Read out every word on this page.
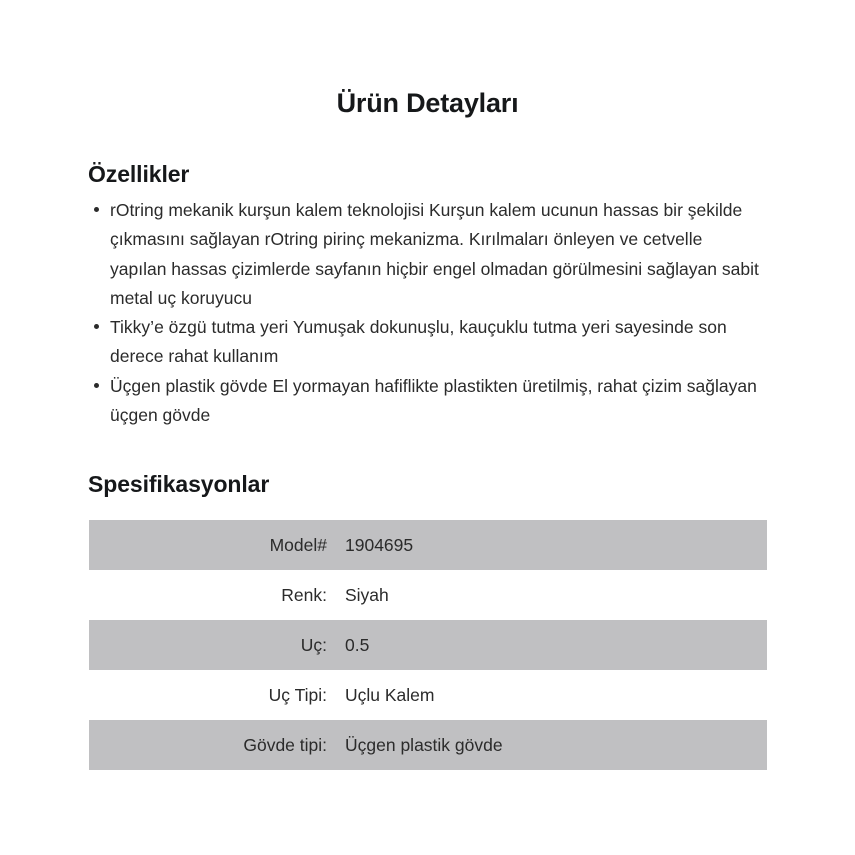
Ürün Detayları
Özellikler
rOtring mekanik kurşun kalem teknolojisi Kurşun kalem ucunun hassas bir şekilde çıkmasını sağlayan rOtring pirinç mekanizma. Kırılmaları önleyen ve cetvelle yapılan hassas çizimlerde sayfanın hiçbir engel olmadan görülmesini sağlayan sabit metal uç koruyucu
Tikky’e özgü tutma yeri Yumuşak dokunuşlu, kauçuklu tutma yeri sayesinde son derece rahat kullanım
Üçgen plastik gövde El yormayan hafiflikte plastikten üretilmiş, rahat çizim sağlayan üçgen gövde
Spesifikasyonlar
Model#	1904695
Renk:	Siyah
Uç:	0.5
Uç Tipi:	Uçlu Kalem
Gövde tipi:	Üçgen plastik gövde
